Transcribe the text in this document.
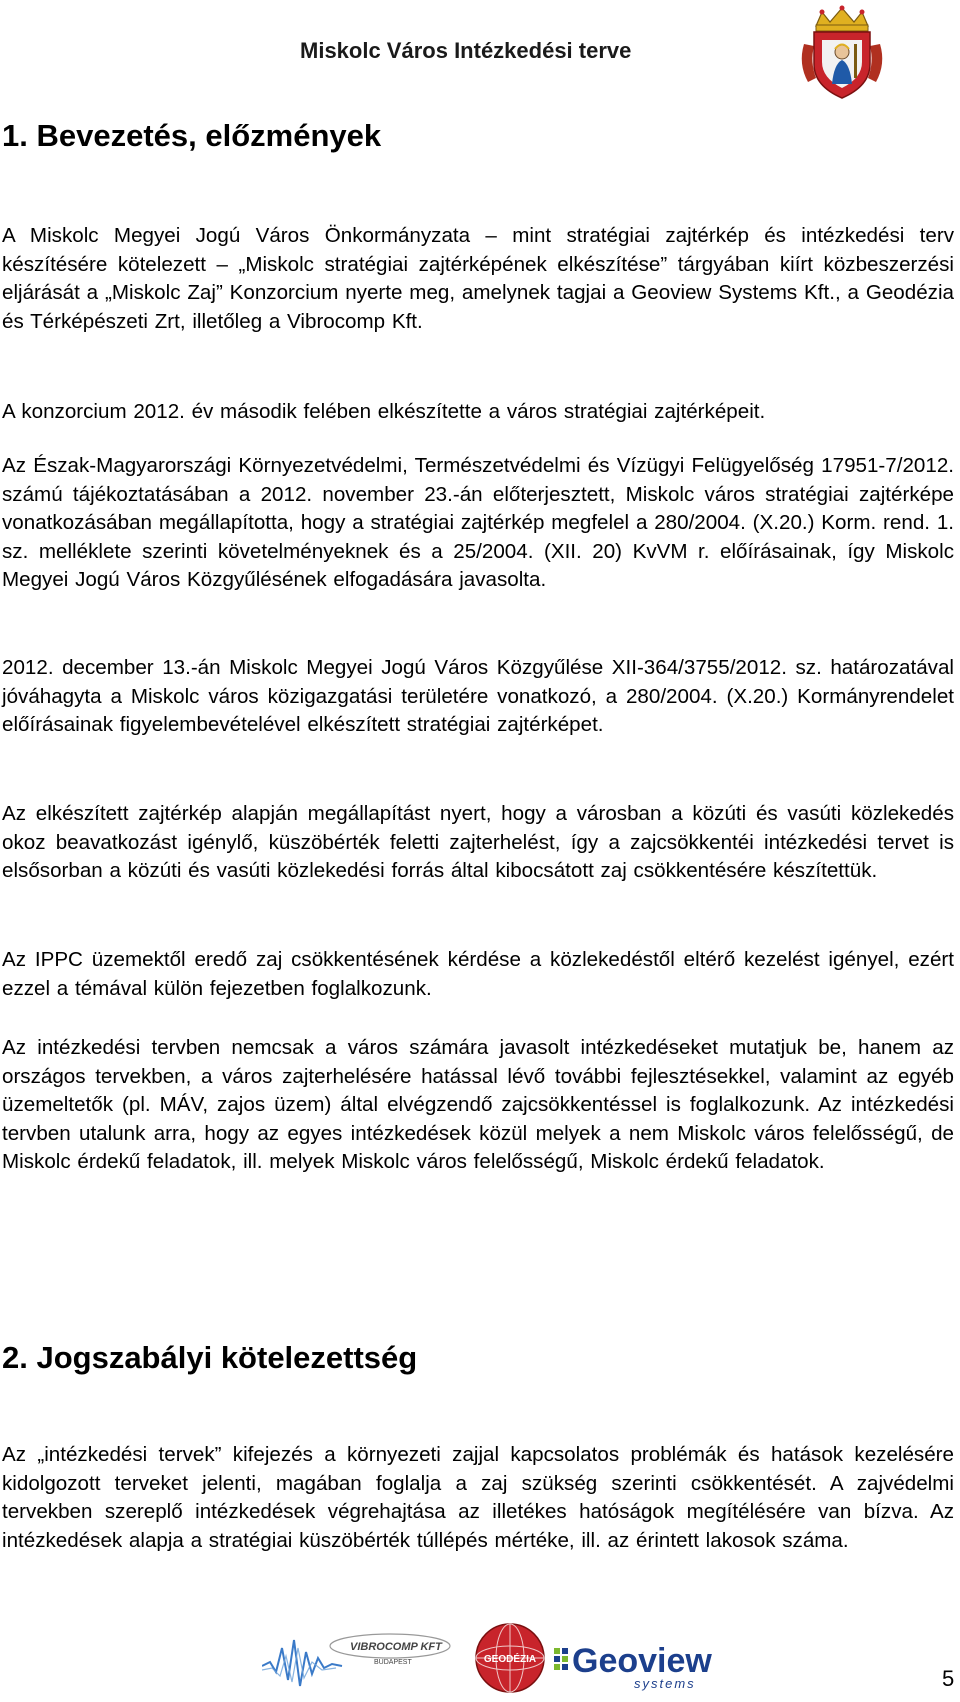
Miskolc Város Intézkedési terve
1. Bevezetés, előzmények

A Miskolc Megyei Jogú Város Önkormányzata – mint stratégiai zajtérkép és intézkedési terv készítésére kötelezett – „Miskolc stratégiai zajtérképének elkészítése” tárgyában kiírt közbeszerzési eljárását a „Miskolc Zaj” Konzorcium nyerte meg, amelynek tagjai a Geoview Systems Kft., a Geodézia és Térképészeti Zrt, illetőleg a Vibrocomp Kft.

A konzorcium 2012. év második felében elkészítette a város stratégiai zajtérképeit.

Az Észak-Magyarországi Környezetvédelmi, Természetvédelmi és Vízügyi Felügyelőség 17951-7/2012. számú tájékoztatásában a 2012. november 23.-án előterjesztett, Miskolc város stratégiai zajtérképe vonatkozásában megállapította, hogy a stratégiai zajtérkép megfelel a 280/2004. (X.20.) Korm. rend. 1. sz. melléklete szerinti követelményeknek és a 25/2004. (XII. 20) KvVM r. előírásainak, így Miskolc Megyei Jogú Város Közgyűlésének elfogadására javasolta.

2012. december 13.-án Miskolc Megyei Jogú Város Közgyűlése XII-364/3755/2012. sz. határozatával jóváhagyta a Miskolc város közigazgatási területére vonatkozó, a 280/2004. (X.20.) Kormányrendelet előírásainak figyelembevételével elkészített stratégiai zajtérképet.

Az elkészített zajtérkép alapján megállapítást nyert, hogy a városban a közúti és vasúti közlekedés okoz beavatkozást igénylő, küszöbérték feletti zajterhelést, így a zajcsökkentéi intézkedési tervet is elsősorban a közúti és vasúti közlekedési forrás által kibocsátott zaj csökkentésére készítettük.

Az IPPC üzemektől eredő zaj csökkentésének kérdése a közlekedéstől eltérő kezelést igényel, ezért ezzel a témával külön fejezetben foglalkozunk.

Az intézkedési tervben nemcsak a város számára javasolt intézkedéseket mutatjuk be, hanem az országos tervekben, a város zajterhelésére hatással lévő további fejlesztésekkel, valamint az egyéb üzemeltetők (pl. MÁV, zajos üzem) által elvégzendő zajcsökkentéssel is foglalkozunk. Az intézkedési tervben utalunk arra, hogy az egyes intézkedések közül melyek a nem Miskolc város felelősségű, de Miskolc érdekű feladatok, ill. melyek Miskolc város felelősségű, Miskolc érdekű feladatok.

2. Jogszabályi kötelezettség

Az „intézkedési tervek” kifejezés a környezeti zajjal kapcsolatos problémák és hatások kezelésére kidolgozott terveket jelenti, magában foglalja a zaj szükség szerinti csökkentését. A zajvédelmi tervekben szereplő intézkedések végrehajtása az illetékes hatóságok megítélésére van bízva. Az intézkedések alapja a stratégiai küszöbérték túllépés mértéke, ill. az érintett lakosok száma.

VIBROCOMP KFT
BUDAPEST	GEODÉZIA Geoview
systems	5
